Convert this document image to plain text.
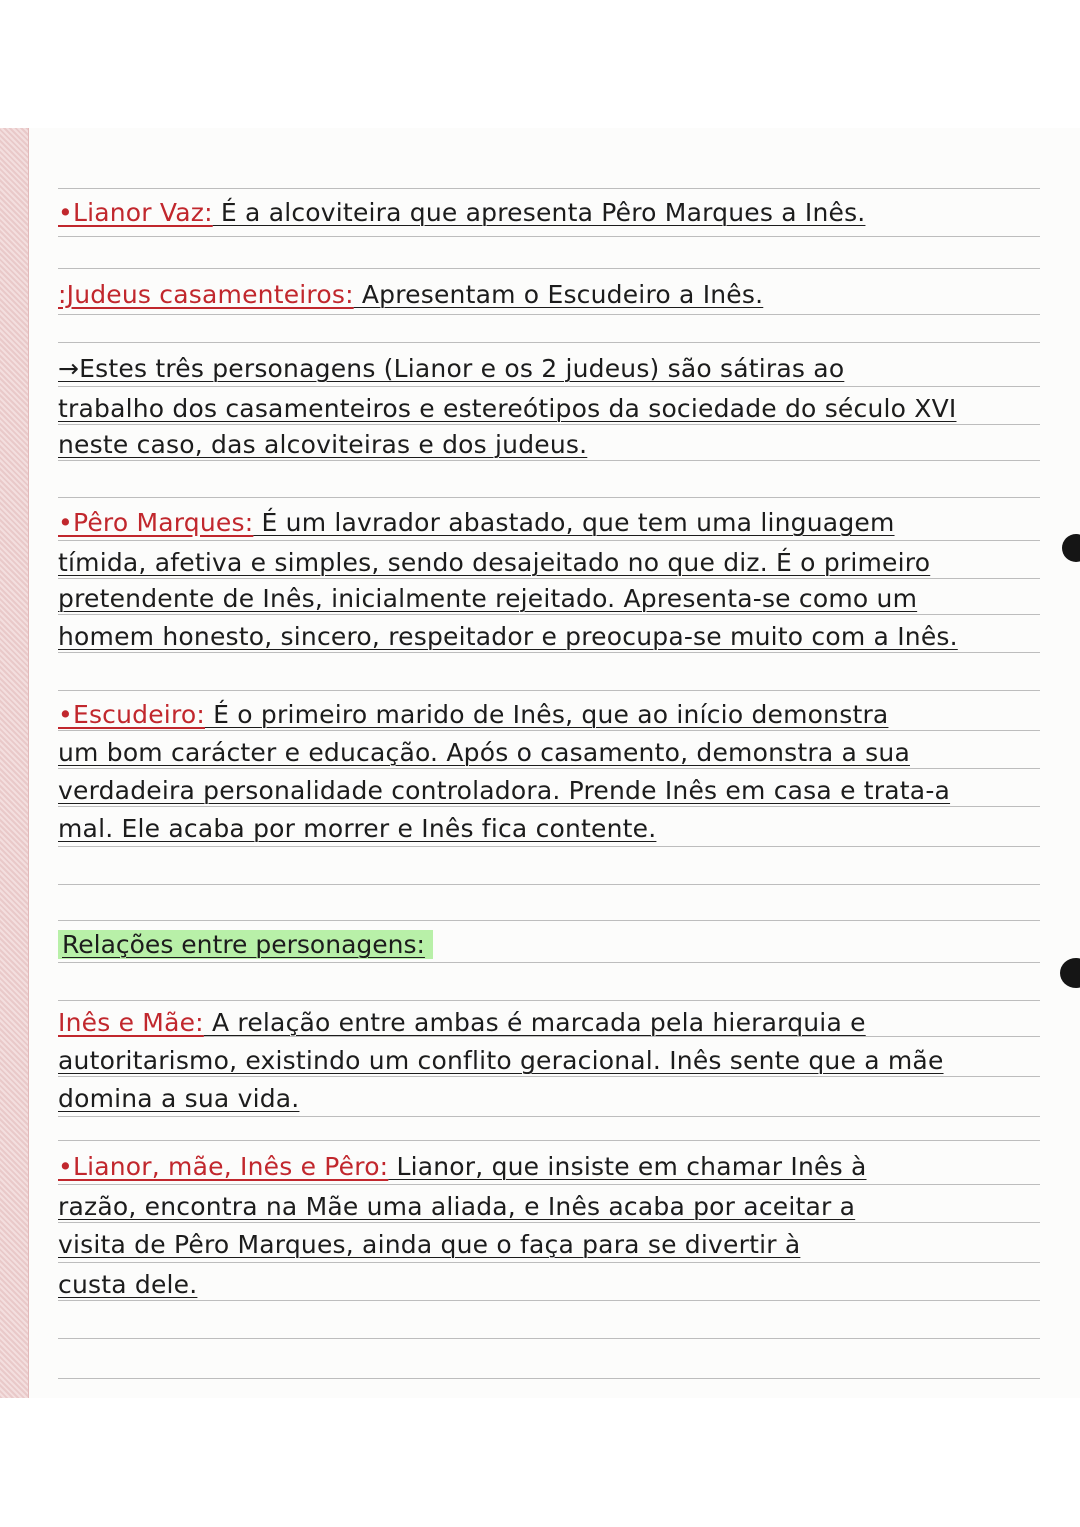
•Lianor Vaz: É a alcoviteira que apresenta Pêro Marques a Inês.
:Judeus casamenteiros: Apresentam o Escudeiro a Inês.
→Estes três personagens (Lianor e os 2 judeus) são sátiras ao
trabalho dos casamenteiros e estereótipos da sociedade do século XVI
neste caso, das alcoviteiras e dos judeus.
•Pêro Marques: É um lavrador abastado, que tem uma linguagem
tímida, afetiva e simples, sendo desajeitado no que diz. É o primeiro
pretendente de Inês, inicialmente rejeitado. Apresenta-se como um
homem honesto, sincero, respeitador e preocupa-se muito com a Inês.
•Escudeiro: É o primeiro marido de Inês, que ao início demonstra
um bom carácter e educação. Após o casamento, demonstra a sua
verdadeira personalidade controladora. Prende Inês em casa e trata-a
mal. Ele acaba por morrer e Inês fica contente.
Relações entre personagens:
Inês e Mãe: A relação entre ambas é marcada pela hierarquia e
autoritarismo, existindo um conflito geracional. Inês sente que a mãe
domina a sua vida.
•Lianor, mãe, Inês e Pêro: Lianor, que insiste em chamar Inês à
razão, encontra na Mãe uma aliada, e Inês acaba por aceitar a
visita de Pêro Marques, ainda que o faça para se divertir à
custa dele.
